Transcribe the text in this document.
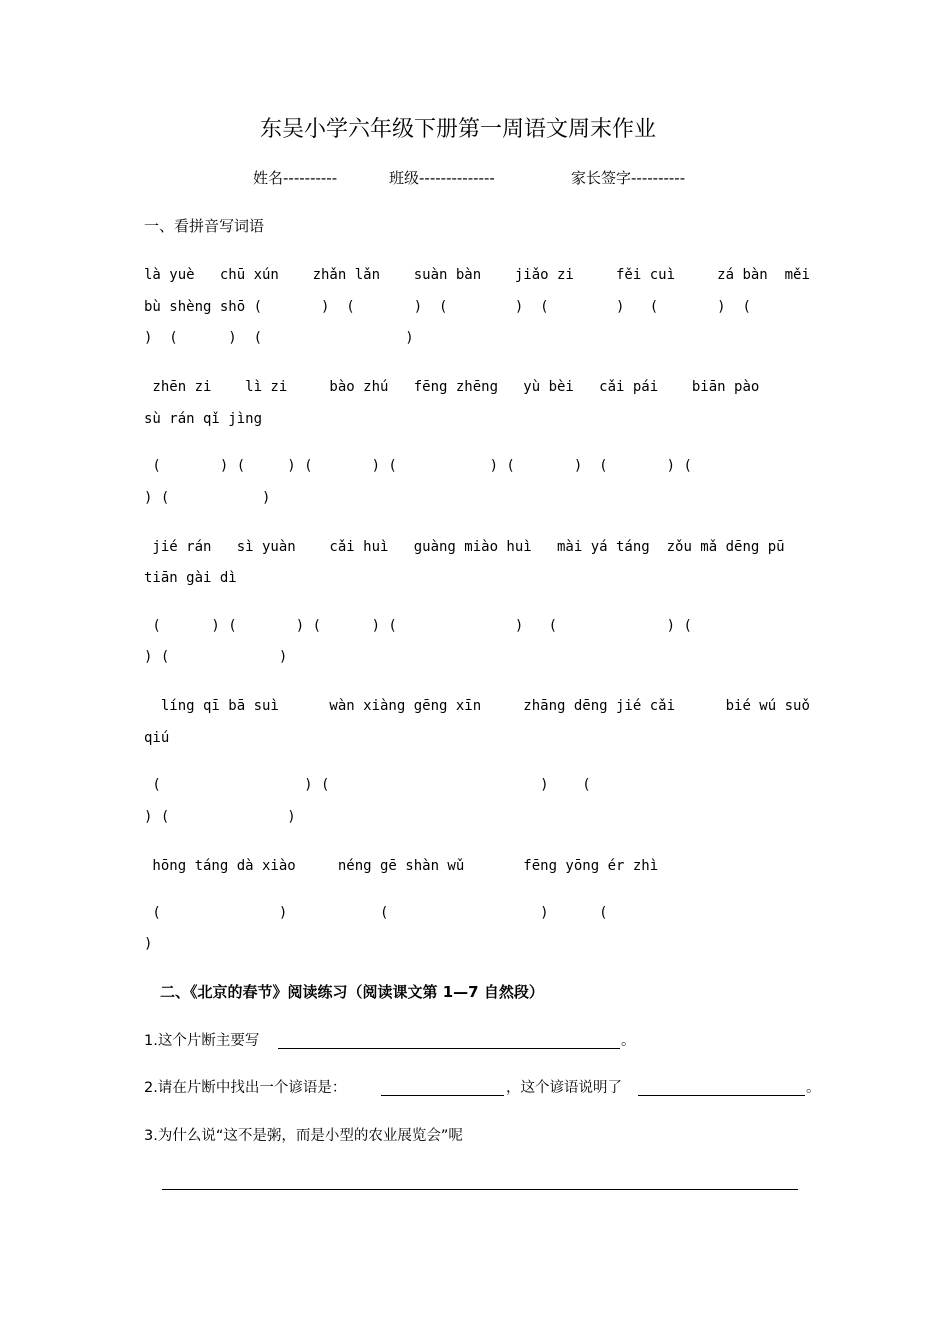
东吴小学六年级下册第一周语文周末作业
姓名----------	班级--------------	家长签字----------
一、看拼音写词语
là yuè   chū xún    zhǎn lǎn    suàn bàn    jiǎo zi     fěi cuì     zá bàn  měi
bù shèng shō (       )  (       )  (        )  (        )   (       )  (
)  (      )  (                 )
zhēn zi    lì zi     bào zhú   fēng zhēng   yù bèi   cǎi pái    biān pào
sù rán qǐ jìng
(       ) (     ) (       ) (           ) (       )  (       ) (
) (           )
jié rán   sì yuàn    cǎi huì   guàng miào huì   mài yá táng  zǒu mǎ dēng pū
tiān gài dì
(      ) (       ) (      ) (              )   (             ) (
) (             )
líng qī bā suì      wàn xiàng gēng xīn     zhāng dēng jié cǎi      bié wú suǒ
qiú
(                 ) (                         )    (
) (              )
hōng táng dà xiào     néng gē shàn wǔ       fēng yōng ér zhì
(              )           (                  )      (
)
二、《北京的春节》阅读练习（阅读课文第 1—7 自然段）
1.这个片断主要写	。
2.请在片断中找出一个谚语是：	，这个谚语说明了	。
3.为什么说“这不是粥，而是小型的农业展览会”呢
